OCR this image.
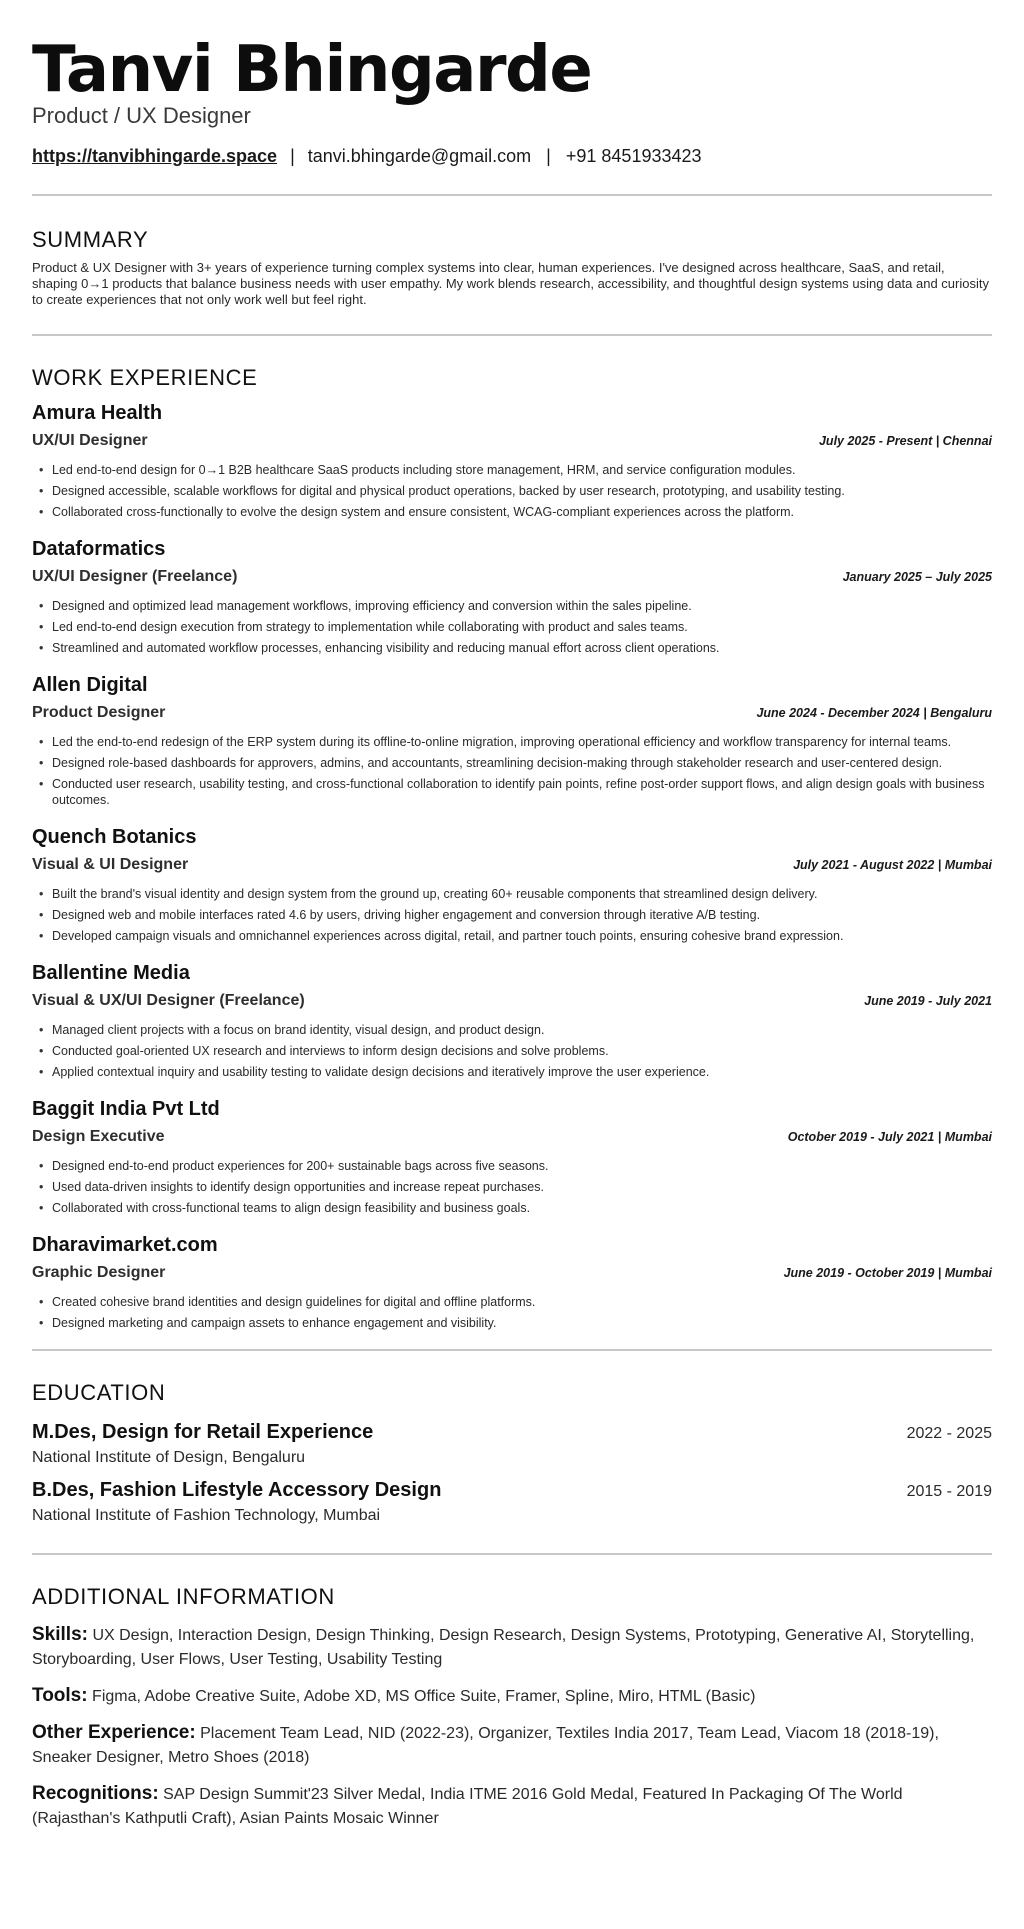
Tanvi Bhingarde
Product / UX Designer
https://tanvibhingarde.space | tanvi.bhingarde@gmail.com | +91 8451933423
SUMMARY

Product & UX Designer with 3+ years of experience turning complex systems into clear, human experiences. I've designed across healthcare, SaaS, and retail, shaping 0→1 products that balance business needs with user empathy. My work blends research, accessibility, and thoughtful design systems using data and curiosity to create experiences that not only work well but feel right.

WORK EXPERIENCE
Amura Health
UX/UI Designer	July 2025 - Present | Chennai
• Led end-to-end design for 0→1 B2B healthcare SaaS products including store management, HRM, and service configuration modules.
• Designed accessible, scalable workflows for digital and physical product operations, backed by user research, prototyping, and usability testing.
• Collaborated cross-functionally to evolve the design system and ensure consistent, WCAG-compliant experiences across the platform.
Dataformatics
UX/UI Designer (Freelance)	January 2025 – July 2025
• Designed and optimized lead management workflows, improving efficiency and conversion within the sales pipeline.
• Led end-to-end design execution from strategy to implementation while collaborating with product and sales teams.
• Streamlined and automated workflow processes, enhancing visibility and reducing manual effort across client operations.
Allen Digital
Product Designer	June 2024 - December 2024 | Bengaluru
• Led the end-to-end redesign of the ERP system during its offline-to-online migration, improving operational efficiency and workflow transparency for internal teams.
• Designed role-based dashboards for approvers, admins, and accountants, streamlining decision-making through stakeholder research and user-centered design.
• Conducted user research, usability testing, and cross-functional collaboration to identify pain points, refine post-order support flows, and align design goals with business outcomes.
Quench Botanics
Visual & UI Designer	July 2021 - August 2022 | Mumbai
• Built the brand's visual identity and design system from the ground up, creating 60+ reusable components that streamlined design delivery.
• Designed web and mobile interfaces rated 4.6 by users, driving higher engagement and conversion through iterative A/B testing.
• Developed campaign visuals and omnichannel experiences across digital, retail, and partner touch points, ensuring cohesive brand expression.
Ballentine Media
Visual & UX/UI Designer (Freelance)	June 2019 - July 2021
• Managed client projects with a focus on brand identity, visual design, and product design.
• Conducted goal-oriented UX research and interviews to inform design decisions and solve problems.
• Applied contextual inquiry and usability testing to validate design decisions and iteratively improve the user experience.
Baggit India Pvt Ltd
Design Executive	October 2019 - July 2021 | Mumbai
• Designed end-to-end product experiences for 200+ sustainable bags across five seasons.
• Used data-driven insights to identify design opportunities and increase repeat purchases.
• Collaborated with cross-functional teams to align design feasibility and business goals.
Dharavimarket.com
Graphic Designer	June 2019 - October 2019 | Mumbai
• Created cohesive brand identities and design guidelines for digital and offline platforms.
• Designed marketing and campaign assets to enhance engagement and visibility.
EDUCATION
M.Des, Design for Retail Experience	2022 - 2025
National Institute of Design, Bengaluru
B.Des, Fashion Lifestyle Accessory Design	2015 - 2019
National Institute of Fashion Technology, Mumbai
ADDITIONAL INFORMATION

Skills: UX Design, Interaction Design, Design Thinking, Design Research, Design Systems, Prototyping, Generative AI, Storytelling, Storyboarding, User Flows, User Testing, Usability Testing

Tools: Figma, Adobe Creative Suite, Adobe XD, MS Office Suite, Framer, Spline, Miro, HTML (Basic)

Other Experience: Placement Team Lead, NID (2022-23), Organizer, Textiles India 2017, Team Lead, Viacom 18 (2018-19), Sneaker Designer, Metro Shoes (2018)

Recognitions: SAP Design Summit'23 Silver Medal, India ITME 2016 Gold Medal, Featured In Packaging Of The World (Rajasthan's Kathputli Craft), Asian Paints Mosaic Winner
